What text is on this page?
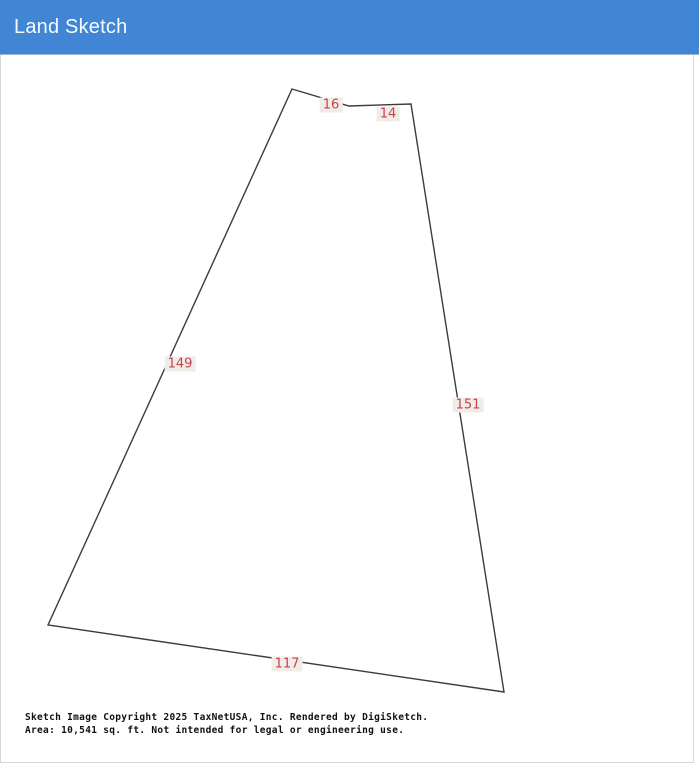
Land Sketch
16
14
151
149
117
Sketch Image Copyright 2025 TaxNetUSA, Inc. Rendered by DigiSketch.
Area: 10,541 sq. ft. Not intended for legal or engineering use.
